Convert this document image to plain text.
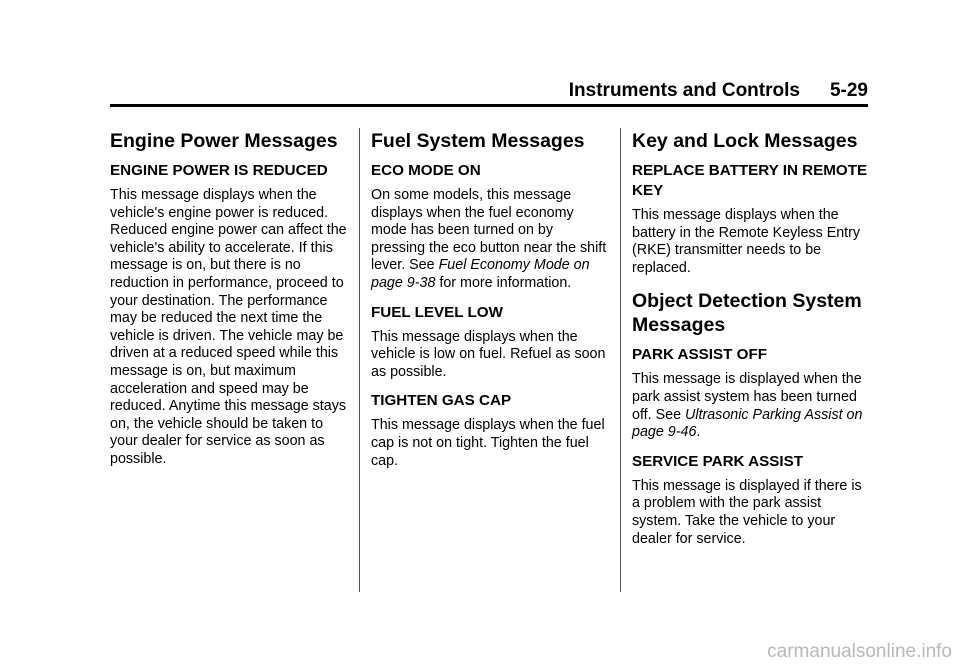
Instruments and Controls 5-29
Engine Power Messages
ENGINE POWER IS REDUCED

This message displays when the vehicle's engine power is reduced. Reduced engine power can affect the vehicle's ability to accelerate. If this message is on, but there is no reduction in performance, proceed to your destination. The performance may be reduced the next time the vehicle is driven. The vehicle may be driven at a reduced speed while this message is on, but maximum acceleration and speed may be reduced. Anytime this message stays on, the vehicle should be taken to your dealer for service as soon as possible.

Fuel System Messages
ECO MODE ON

On some models, this message displays when the fuel economy mode has been turned on by pressing the eco button near the shift lever. See Fuel Economy Mode on page 9-38 for more information.

FUEL LEVEL LOW

This message displays when the vehicle is low on fuel. Refuel as soon as possible.

TIGHTEN GAS CAP

This message displays when the fuel cap is not on tight. Tighten the fuel cap.

Key and Lock Messages
REPLACE BATTERY IN REMOTE KEY

This message displays when the battery in the Remote Keyless Entry (RKE) transmitter needs to be replaced.

Object Detection System Messages
PARK ASSIST OFF

This message is displayed when the park assist system has been turned off. See Ultrasonic Parking Assist on page 9-46.

SERVICE PARK ASSIST

This message is displayed if there is a problem with the park assist system. Take the vehicle to your dealer for service.

carmanualsonline.info
